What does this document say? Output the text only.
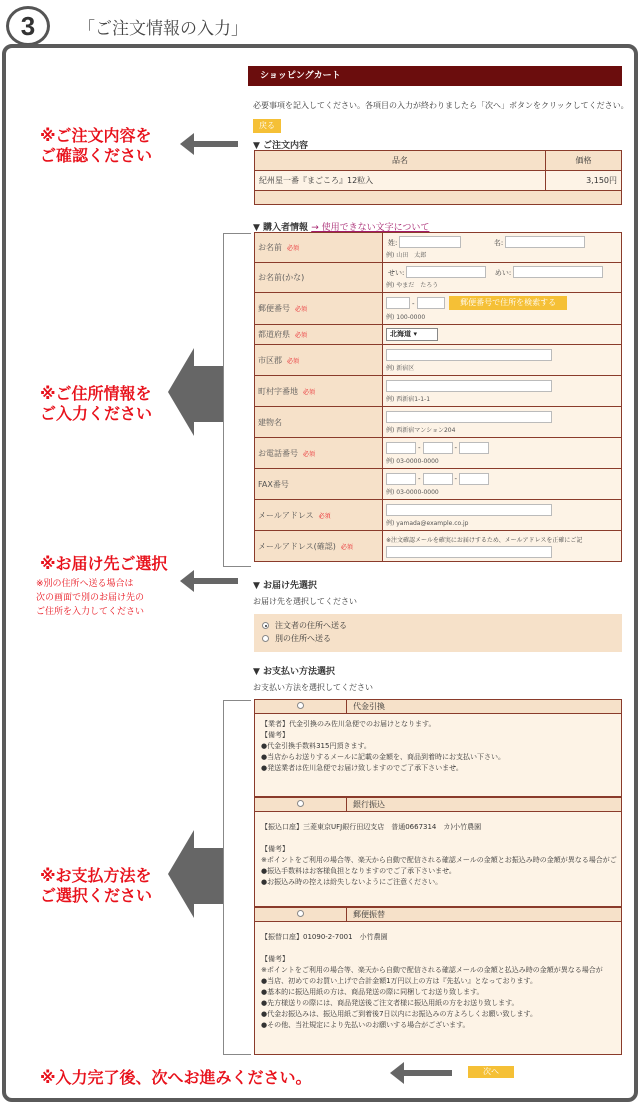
3	「ご注文情報の入力」
※ご注文内容を
ご確認ください
※ご住所情報を
ご入力ください
※お届け先ご選択
※別の住所へ送る場合は
次の画面で別のお届け先の
ご住所を入力してください
※お支払方法を
ご選択ください
※入力完了後、次へお進みください。
ショッピングカート
必要事項を記入してください。各項目の入力が終わりましたら「次へ」ボタンをクリックしてください。
戻る
▼ ご注文内容
品名	価格
紀州星一番『まごころ』12粒入	3,150円

▼ 購入者情報 → 使用できない文字について
お名前 必須	姓: 名:
例) 山田　太郎

お名前(かな)	せい: めい:
例) やまだ　たろう

郵便番号 必須	- 郵便番号で住所を検索する
例) 100-0000

都道府県 必須	北海道 ▾
市区郡 必須	例) 新宿区

町村字番地 必須	例) 西新宿1-1-1

建物名	例) 西新宿マンション204

お電話番号 必須	- -
例) 03-0000-0000

FAX番号	- -
例) 03-0000-0000

メールアドレス 必須	例) yamada@example.co.jp

メールアドレス(確認) 必須	※注文確認メールを確実にお届けするため、メールアドレスを正確にご記
▼ お届け先選択
お届け先を選択してください
注文者の住所へ送る
別の住所へ送る
▼ お支払い方法選択
お支払い方法を選択してください
代金引換
【業者】代金引換のみ佐川急便でのお届けとなります。
【備考】
●代金引換手数料315円頂きます。
●当店からお送りするメールに記載の金額を、商品到着時にお支払い下さい。
●発送業者は佐川急便でお届け致しますのでご了承下さいませ。
銀行振込
【振込口座】三菱東京UFJ銀行田辺支店　普通0667314　カ)小竹農園
【備考】
※ポイントをご利用の場合等、楽天から自動で配信される確認メールの金額とお振込み時の金額が異なる場合がご
●振込手数料はお客様負担となりますのでご了承下さいませ。
●お振込み時の控えは紛失しないようにご注意ください。
郵便振替
【振替口座】01090-2-7001　小竹農園
【備考】
※ポイントをご利用の場合等、楽天から自動で配信される確認メールの金額と払込み時の金額が異なる場合が
●当店、初めてのお買い上げで合計金額1万円以上の方は『先払い』となっております。
●基本的に振込用紙の方は、商品発送の際に同梱してお送り致します。
●先方様送りの際には、商品発送後ご注文者様に振込用紙の方をお送り致します。
●代金お振込みは、振込用紙ご到着後7日以内にお振込みの方よろしくお願い致します。
●その他、当社規定により先払いのお願いする場合がございます。
次へ
